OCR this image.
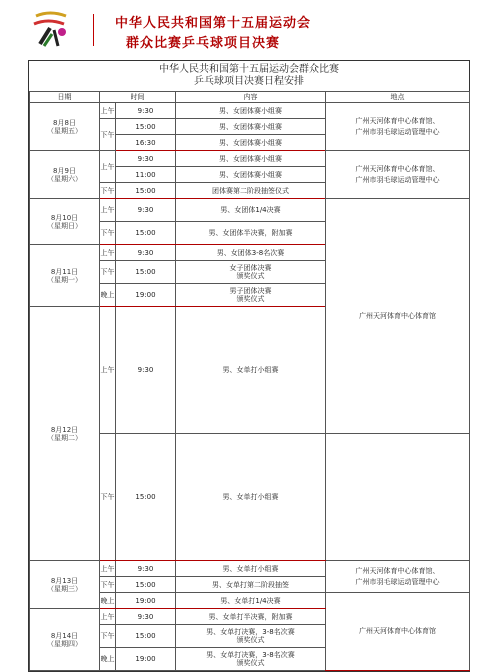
中华人民共和国第十五届运动会
群众比赛乒乓球项目决赛
中华人民共和国第十五届运动会群众比赛
乒乓球项目决赛日程安排
日期	时间		内容	地点	
8月8日
（星期五）	上午	9:30	男、女团体赛小组赛	广州天河体育中心体育馆、
广州市羽毛球运动管理中心	
	下午	15:00	男、女团体赛小组赛		
		16:30	男、女团体赛小组赛		
8月9日
（星期六）	上午	9:30	男、女团体赛小组赛	广州天河体育中心体育馆、
广州市羽毛球运动管理中心	
		11:00	男、女团体赛小组赛		
	下午	15:00	团体赛第二阶段抽签仪式		
8月10日
（星期日）	上午	9:30	男、女团体1/4决赛	广州天河体育中心体育馆	
	下午	15:00	男、女团体半决赛，附加赛		
8月11日
（星期一）	上午	9:30	男、女团体3-8名次赛		
	下午	15:00	女子团体决赛
颁奖仪式		
	晚上	19:00	男子团体决赛
颁奖仪式		
8月12日
（星期二）	上午	9:30	男、女单打小组赛	

	下午	15:00	男、女单打小组赛		
8月13日
（星期三）	上午	9:30	男、女单打小组赛	广州天河体育中心体育馆、
广州市羽毛球运动管理中心	
	下午	15:00	男、女单打第二阶段抽签		
	晚上	19:00	男、女单打1/4决赛	广州天河体育中心体育馆	
8月14日
（星期四）	上午	9:30	男、女单打半决赛，附加赛		
	下午	15:00	男、女单打决赛，3-8名次赛
颁奖仪式		
	晚上	19:00	男、女单打决赛，3-8名次赛
颁奖仪式		
